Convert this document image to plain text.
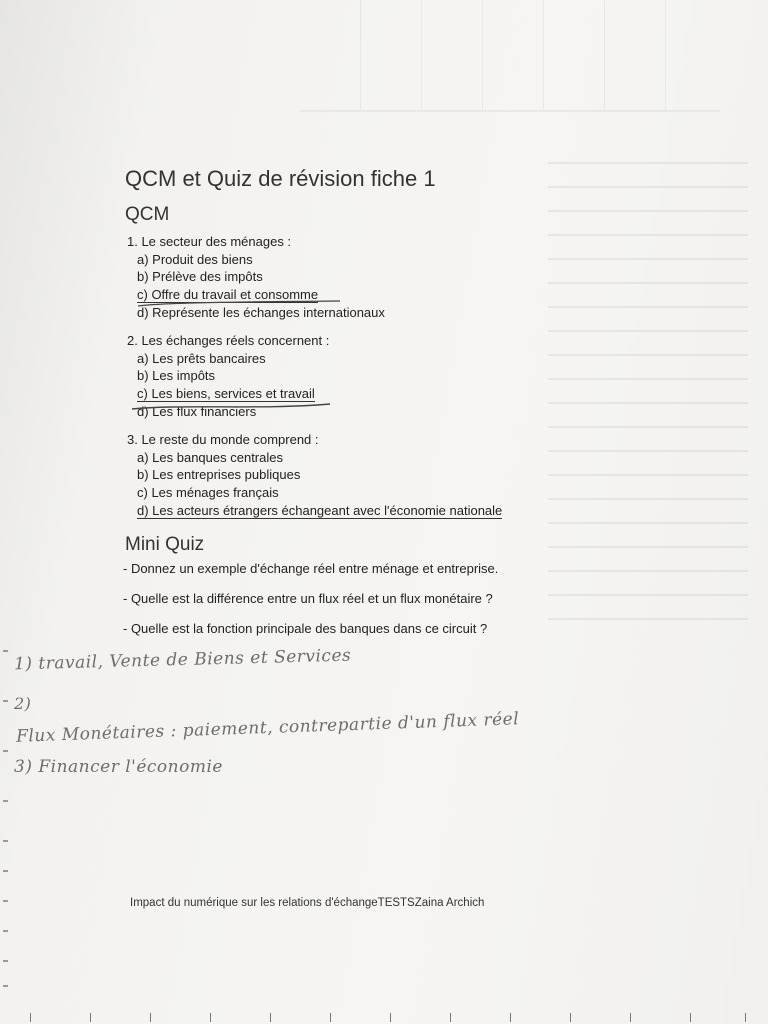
QCM et Quiz de révision fiche 1
QCM
1. Le secteur des ménages :
a) Produit des biens
b) Prélève des impôts
c) Offre du travail et consomme
d) Représente les échanges internationaux
2. Les échanges réels concernent :
a) Les prêts bancaires
b) Les impôts
c) Les biens, services et travail
d) Les flux financiers
3. Le reste du monde comprend :
a) Les banques centrales
b) Les entreprises publiques
c) Les ménages français
d) Les acteurs étrangers échangeant avec l'économie nationale
Mini Quiz
- Donnez un exemple d'échange réel entre ménage et entreprise.
- Quelle est la différence entre un flux réel et un flux monétaire ?
- Quelle est la fonction principale des banques dans ce circuit ?
1) travail, Vente de Biens et Services
2)
Flux Monétaires : paiement, contrepartie d'un flux réel
3) Financer l'économie
Impact du numérique sur les relations d'échangeTESTSZaina Archich
